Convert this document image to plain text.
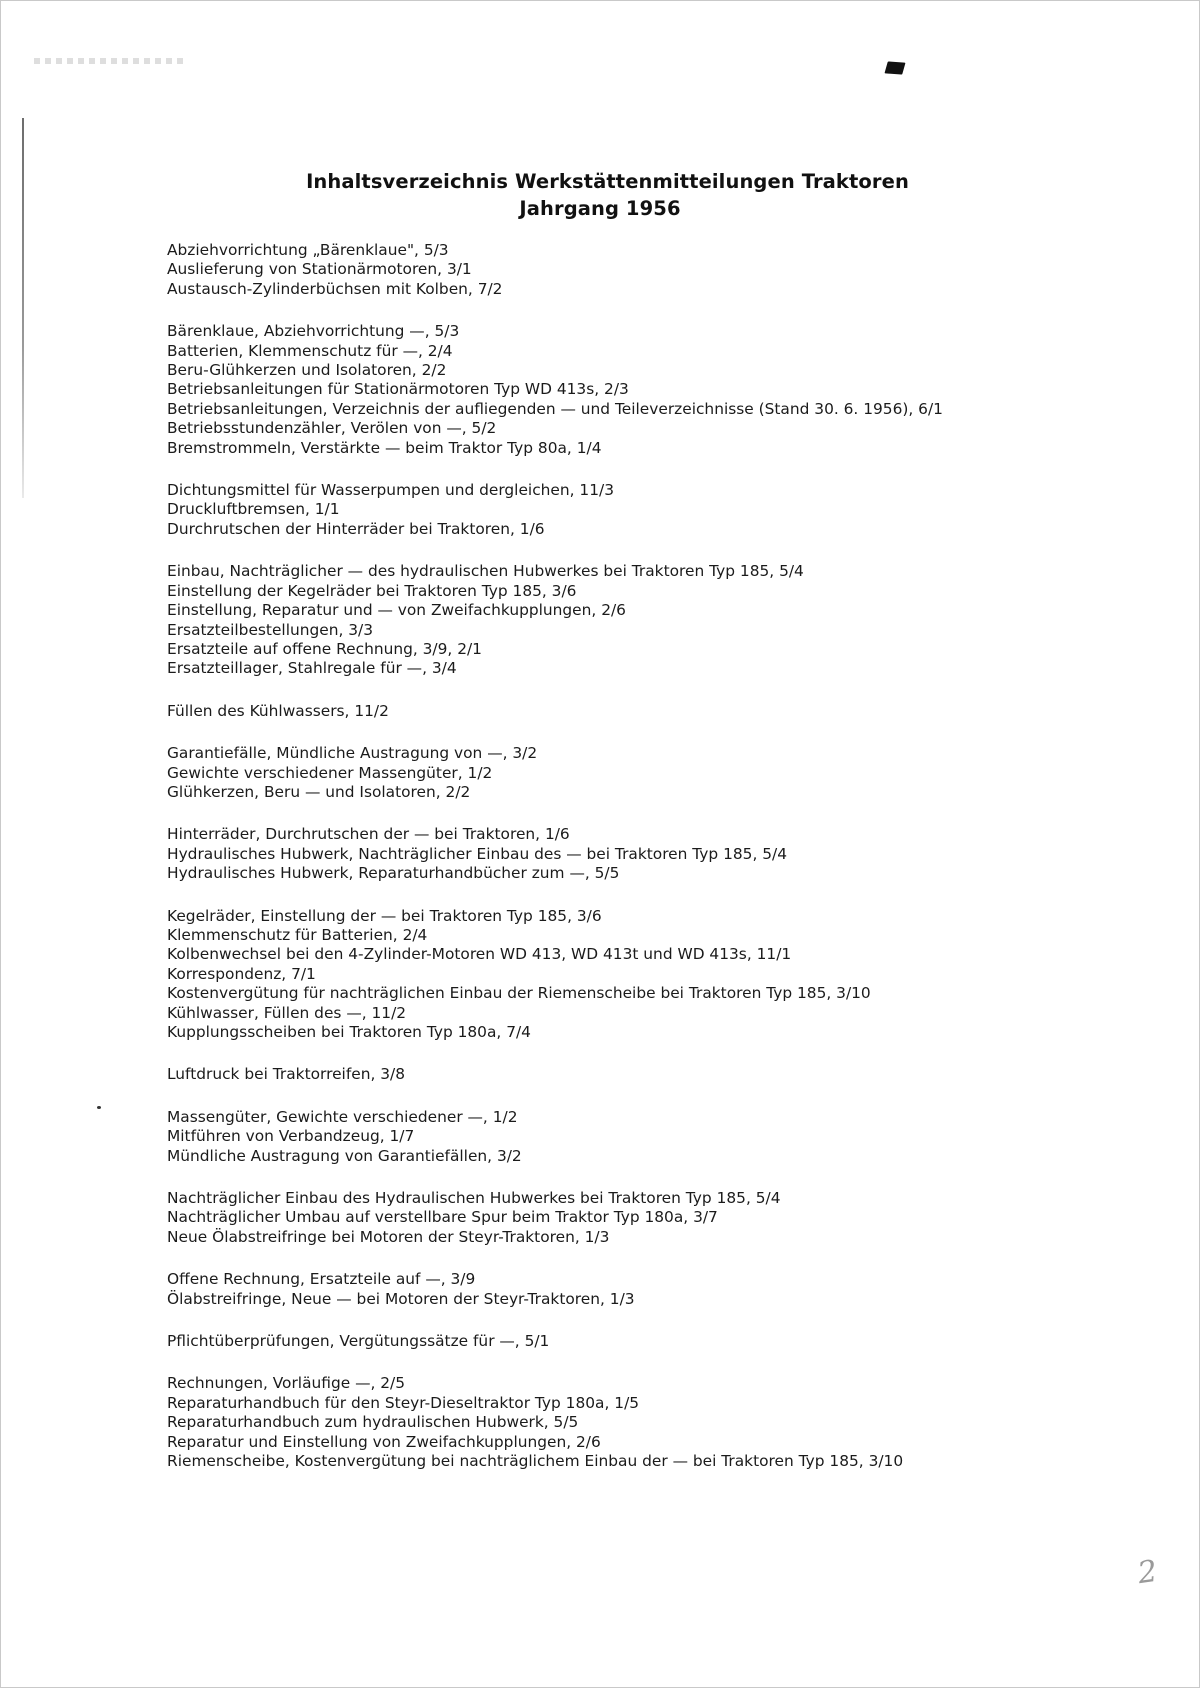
Inhaltsverzeichnis Werkstättenmitteilungen Traktoren
Jahrgang 1956
Abziehvorrichtung „Bärenklaue", 5/3
Auslieferung von Stationärmotoren, 3/1
Austausch-Zylinderbüchsen mit Kolben, 7/2
Bärenklaue, Abziehvorrichtung —, 5/3
Batterien, Klemmenschutz für —, 2/4
Beru-Glühkerzen und Isolatoren, 2/2
Betriebsanleitungen für Stationärmotoren Typ WD 413s, 2/3
Betriebsanleitungen, Verzeichnis der aufliegenden — und Teileverzeichnisse (Stand 30. 6. 1956), 6/1
Betriebsstundenzähler, Verölen von —, 5/2
Bremstrommeln, Verstärkte — beim Traktor Typ 80a, 1/4
Dichtungsmittel für Wasserpumpen und dergleichen, 11/3
Druckluftbremsen, 1/1
Durchrutschen der Hinterräder bei Traktoren, 1/6
Einbau, Nachträglicher — des hydraulischen Hubwerkes bei Traktoren Typ 185, 5/4
Einstellung der Kegelräder bei Traktoren Typ 185, 3/6
Einstellung, Reparatur und — von Zweifachkupplungen, 2/6
Ersatzteilbestellungen, 3/3
Ersatzteile auf offene Rechnung, 3/9, 2/1
Ersatzteillager, Stahlregale für —, 3/4
Füllen des Kühlwassers, 11/2
Garantiefälle, Mündliche Austragung von —, 3/2
Gewichte verschiedener Massengüter, 1/2
Glühkerzen, Beru — und Isolatoren, 2/2
Hinterräder, Durchrutschen der — bei Traktoren, 1/6
Hydraulisches Hubwerk, Nachträglicher Einbau des — bei Traktoren Typ 185, 5/4
Hydraulisches Hubwerk, Reparaturhandbücher zum —, 5/5
Kegelräder, Einstellung der — bei Traktoren Typ 185, 3/6
Klemmenschutz für Batterien, 2/4
Kolbenwechsel bei den 4-Zylinder-Motoren WD 413, WD 413t und WD 413s, 11/1
Korrespondenz, 7/1
Kostenvergütung für nachträglichen Einbau der Riemenscheibe bei Traktoren Typ 185, 3/10
Kühlwasser, Füllen des —, 11/2
Kupplungsscheiben bei Traktoren Typ 180a, 7/4
Luftdruck bei Traktorreifen, 3/8
Massengüter, Gewichte verschiedener —, 1/2
Mitführen von Verbandzeug, 1/7
Mündliche Austragung von Garantiefällen, 3/2
Nachträglicher Einbau des Hydraulischen Hubwerkes bei Traktoren Typ 185, 5/4
Nachträglicher Umbau auf verstellbare Spur beim Traktor Typ 180a, 3/7
Neue Ölabstreifringe bei Motoren der Steyr-Traktoren, 1/3
Offene Rechnung, Ersatzteile auf —, 3/9
Ölabstreifringe, Neue — bei Motoren der Steyr-Traktoren, 1/3
Pflichtüberprüfungen, Vergütungssätze für —, 5/1
Rechnungen, Vorläufige —, 2/5
Reparaturhandbuch für den Steyr-Dieseltraktor Typ 180a, 1/5
Reparaturhandbuch zum hydraulischen Hubwerk, 5/5
Reparatur und Einstellung von Zweifachkupplungen, 2/6
Riemenscheibe, Kostenvergütung bei nachträglichem Einbau der — bei Traktoren Typ 185, 3/10
2
